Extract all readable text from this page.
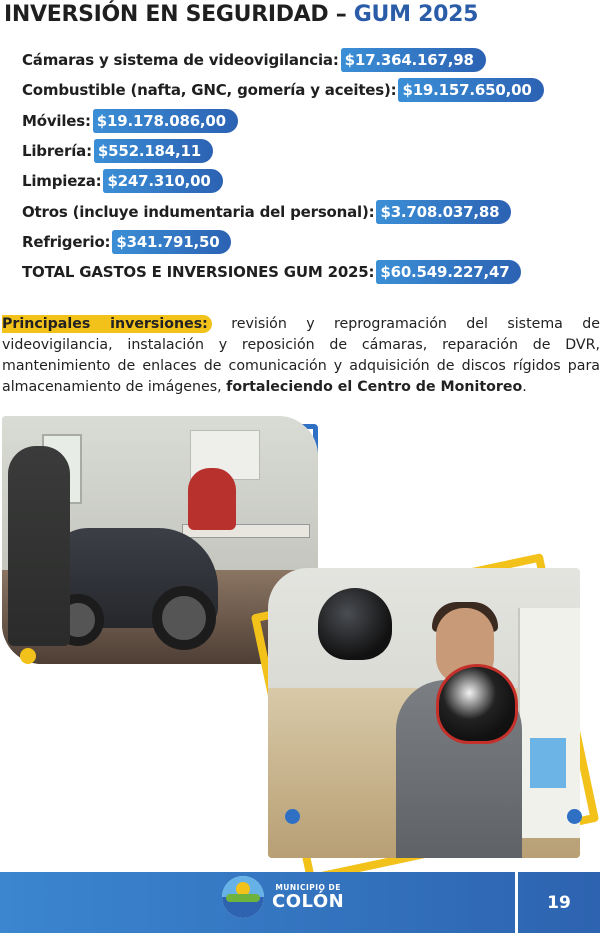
INVERSIÓN EN SEGURIDAD – GUM 2025
Cámaras y sistema de videovigilancia: $17.364.167,98
Combustible (nafta, GNC, gomería y aceites): $19.157.650,00
Móviles: $19.178.086,00
Librería: $552.184,11
Limpieza: $247.310,00
Otros (incluye indumentaria del personal): $3.708.037,88
Refrigerio: $341.791,50
TOTAL GASTOS E INVERSIONES GUM 2025: $60.549.227,47

Principales inversiones: revisión y reprogramación del sistema de videovigilancia, instalación y reposición de cámaras, reparación de DVR, mantenimiento de enlaces de comunicación y adquisición de discos rígidos para almacenamiento de imágenes, fortaleciendo el Centro de Monitoreo.

19
MUNICIPIO DE
COLÓN
